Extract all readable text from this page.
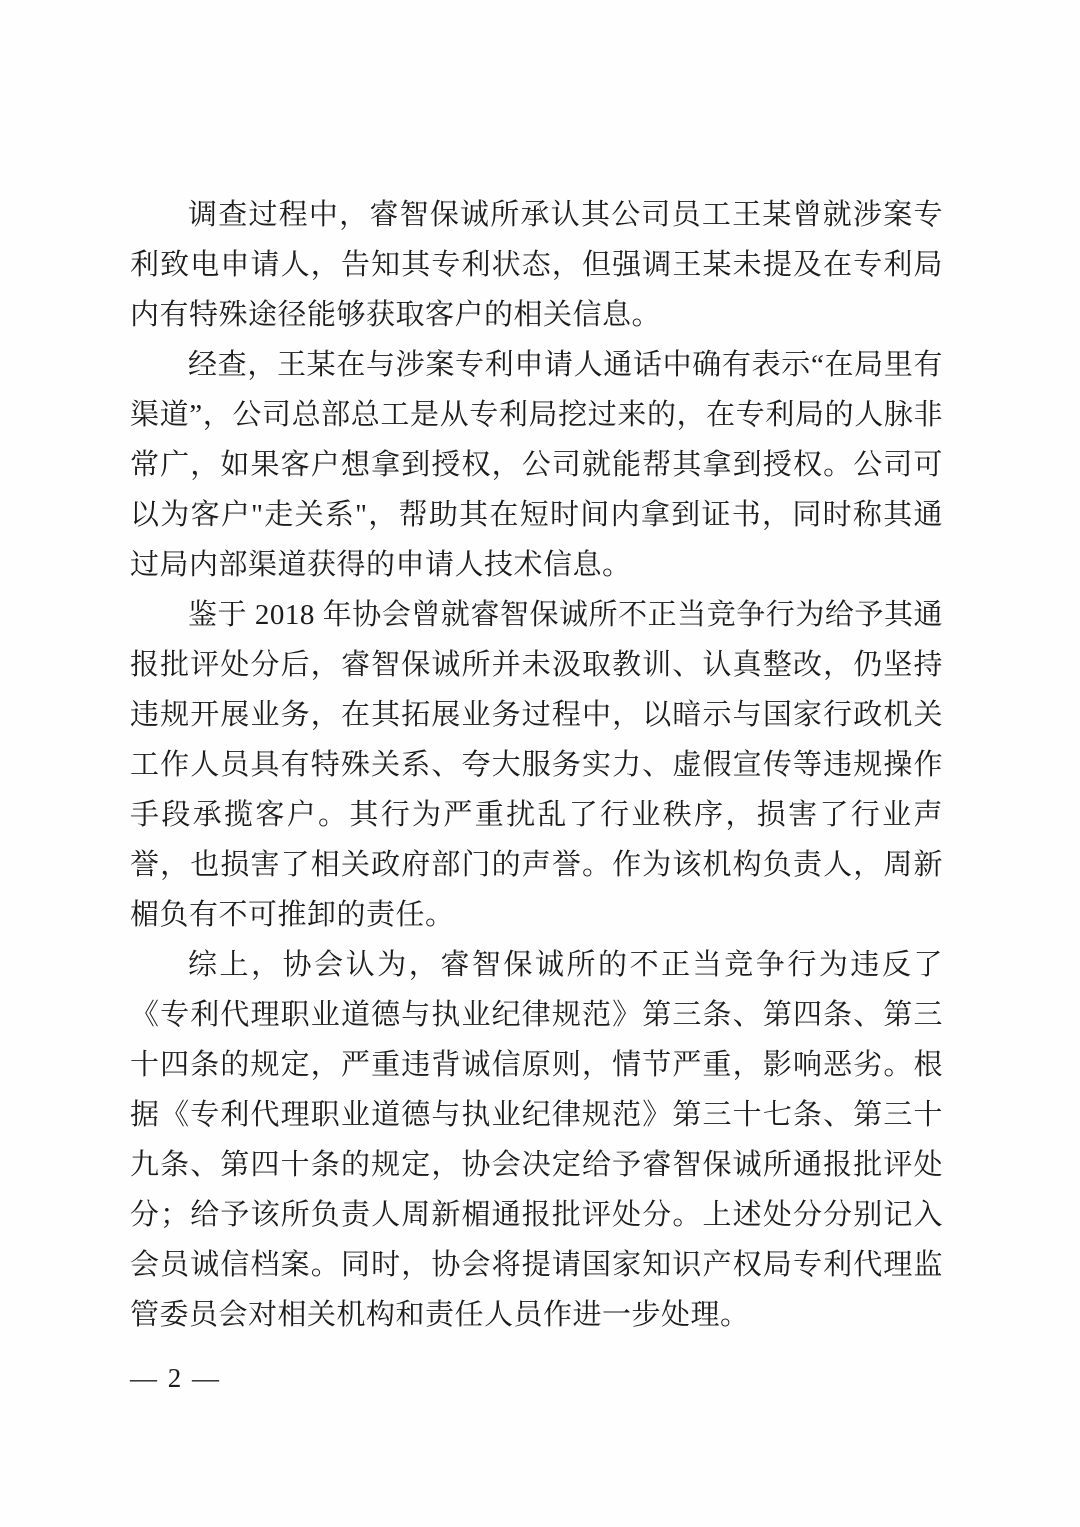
调查过程中，睿智保诚所承认其公司员工王某曾就涉案专利致电申请人，告知其专利状态，但强调王某未提及在专利局内有特殊途径能够获取客户的相关信息。

经查，王某在与涉案专利申请人通话中确有表示“在局里有渠道”，公司总部总工是从专利局挖过来的，在专利局的人脉非常广，如果客户想拿到授权，公司就能帮其拿到授权。公司可以为客户"走关系"，帮助其在短时间内拿到证书，同时称其通过局内部渠道获得的申请人技术信息。

鉴于 2018 年协会曾就睿智保诚所不正当竞争行为给予其通报批评处分后，睿智保诚所并未汲取教训、认真整改，仍坚持违规开展业务，在其拓展业务过程中，以暗示与国家行政机关工作人员具有特殊关系、夸大服务实力、虚假宣传等违规操作手段承揽客户。其行为严重扰乱了行业秩序，损害了行业声誉，也损害了相关政府部门的声誉。作为该机构负责人，周新楣负有不可推卸的责任。

综上，协会认为，睿智保诚所的不正当竞争行为违反了《专利代理职业道德与执业纪律规范》第三条、第四条、第三十四条的规定，严重违背诚信原则，情节严重，影响恶劣。根据《专利代理职业道德与执业纪律规范》第三十七条、第三十九条、第四十条的规定，协会决定给予睿智保诚所通报批评处分；给予该所负责人周新楣通报批评处分。上述处分分别记入会员诚信档案。同时，协会将提请国家知识产权局专利代理监管委员会对相关机构和责任人员作进一步处理。

— 2 —
